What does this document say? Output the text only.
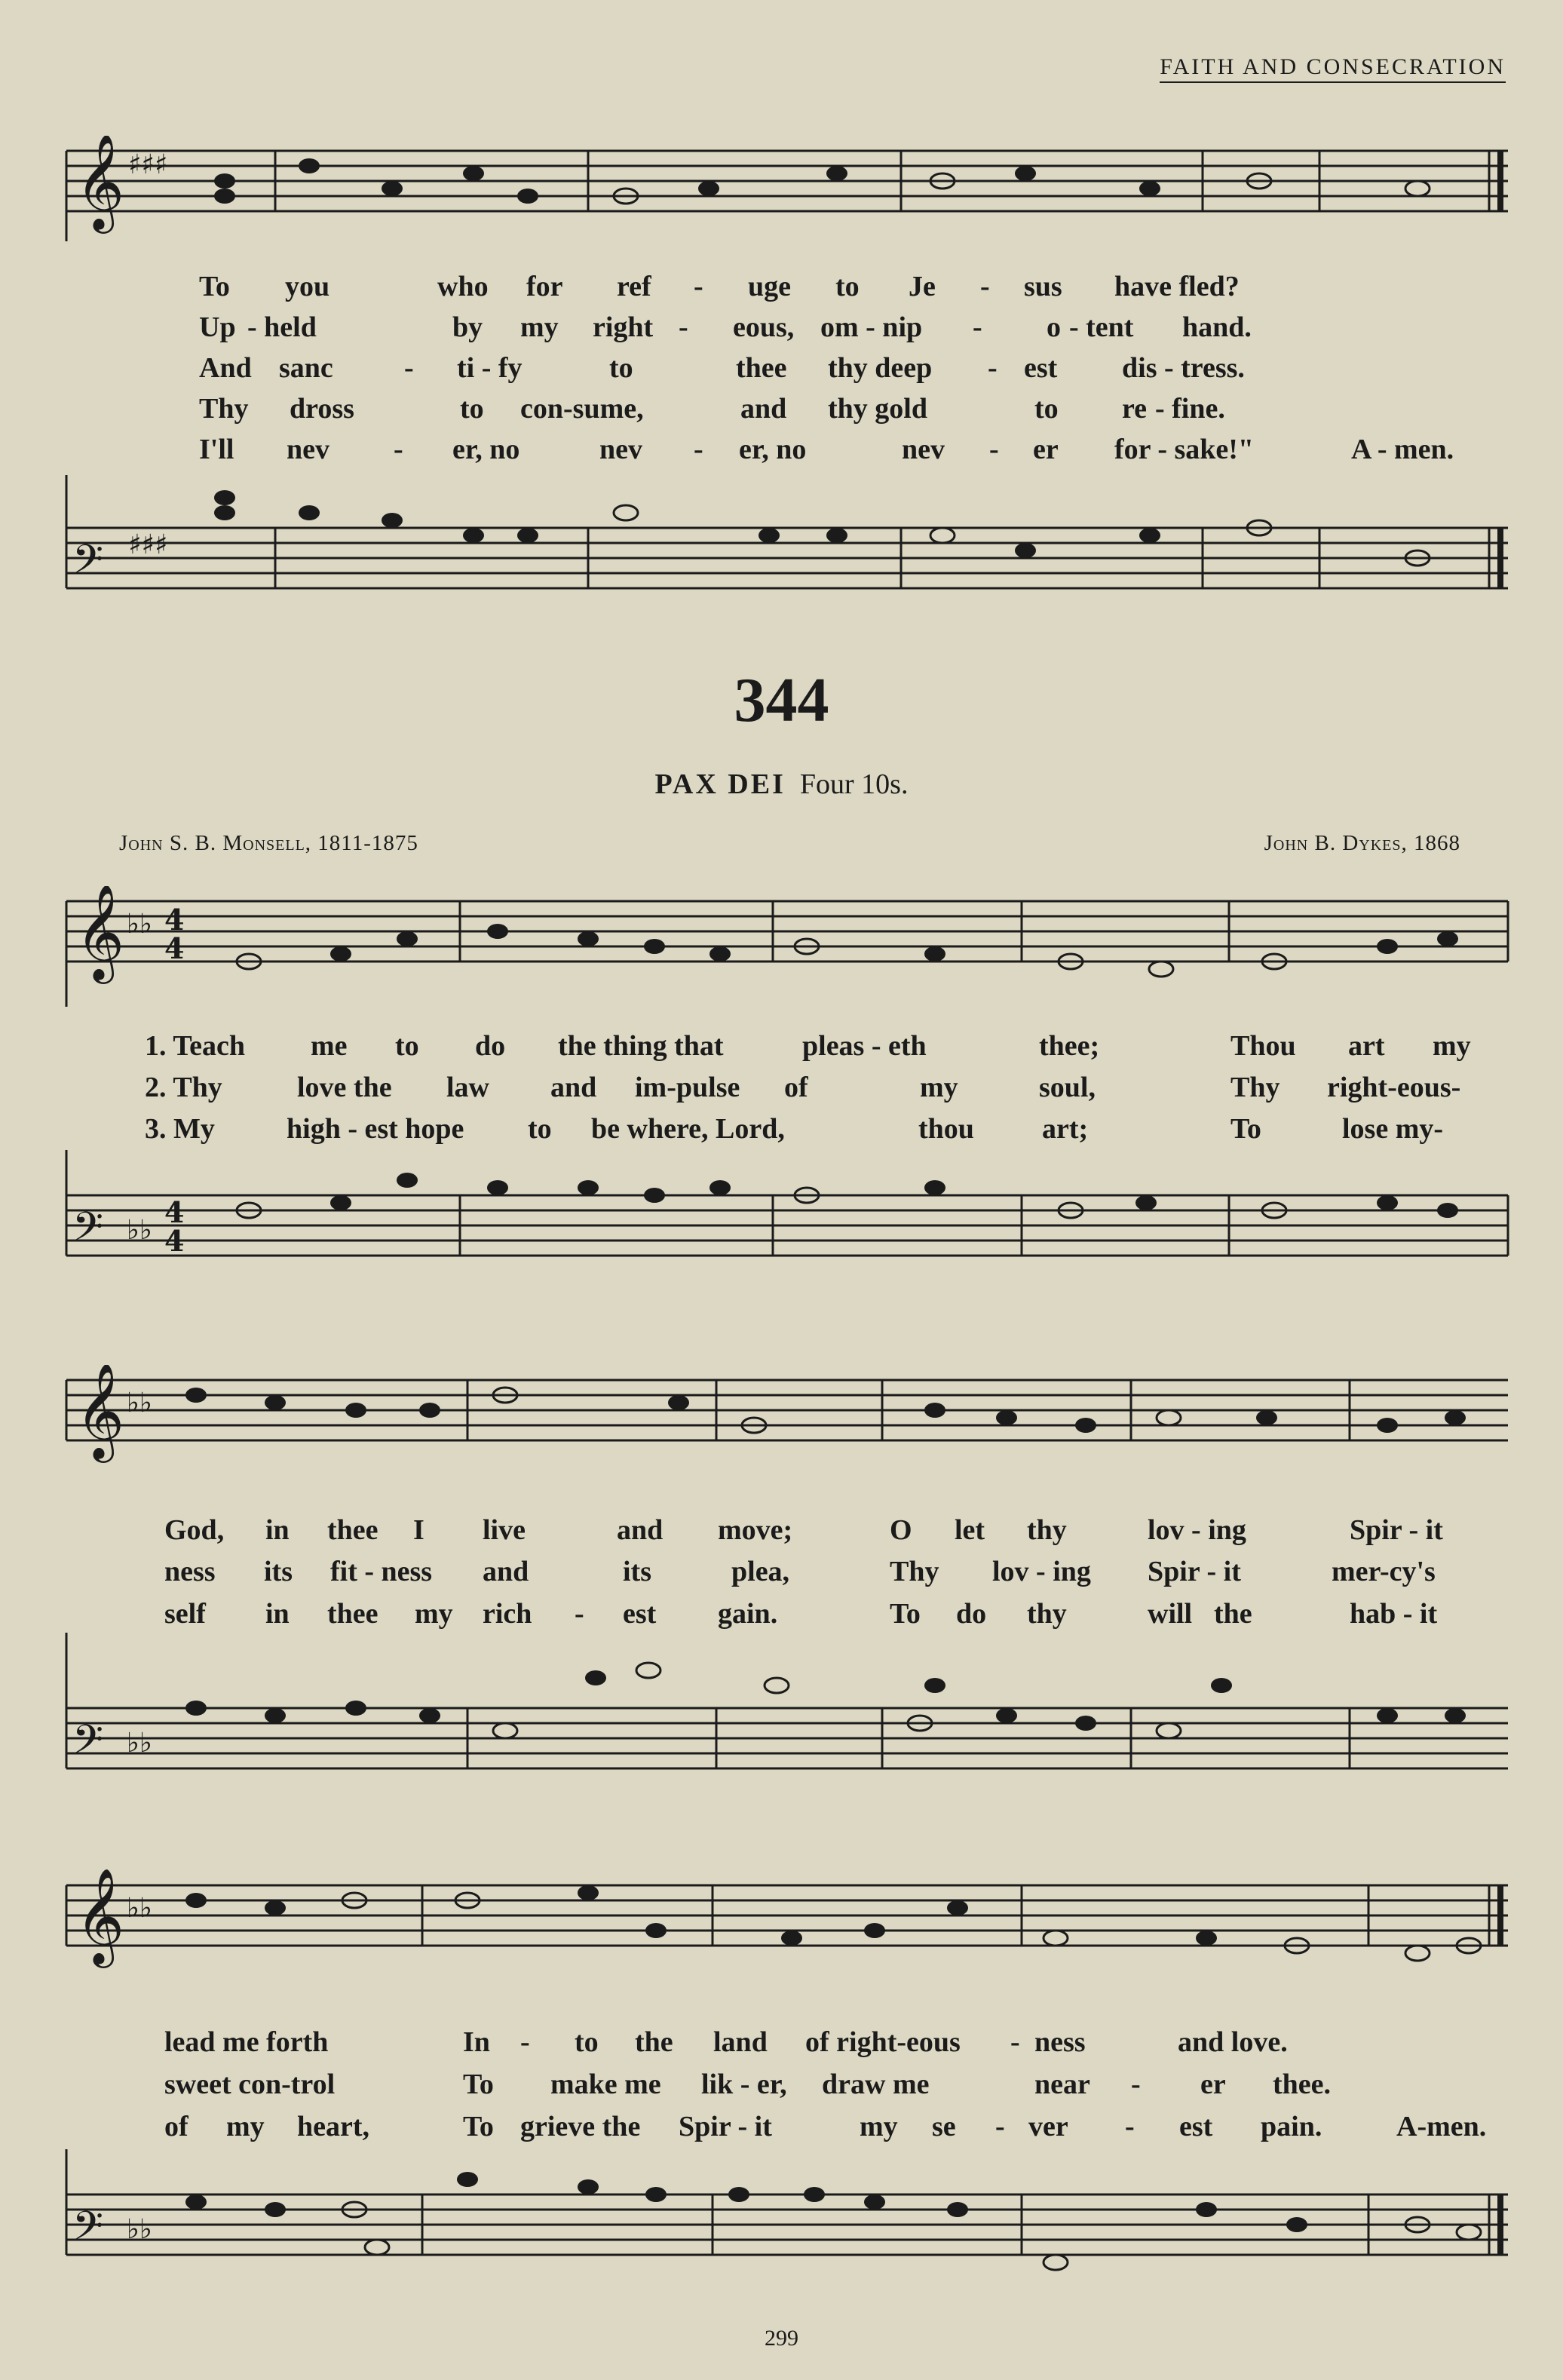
FAITH AND CONSECRATION
𝄞 ♯♯♯
To you	who for ref - uge to Je - sus have fled?
Up - held	by my right - eous, om - nip - o - tent hand.
And sanc - ti - fy	to	thee thy deep - est dis - tress.
Thy dross	to con-sume,	and thy gold	to re - fine.
I'll nev - er, no	nev - er, no	nev - er for - sake!"	A - men.
𝄢 ♯♯♯
344
PAX DEI Four 10s.
John S. B. Monsell, 1811-1875	John B. Dykes, 1868
𝄞 ♭♭ 4
4
1. Teach me to do the thing that	pleas - eth	thee;	Thou art my
2. Thy	love the law and im-pulse of	my	soul,	Thy right-eous-
3. My	high - est hope to be where, Lord,	thou art;	To	lose my-
𝄢 ♭♭
4
4
𝄞 ♭♭
God, in thee I live	and move;	O let thy	lov - ing	Spir - it
ness its fit - ness and	its	plea,	Thy lov - ing Spir - it	mer-cy's
self in thee my rich - est gain.	To do thy	will the	hab - it
𝄢 ♭♭
𝄞 ♭♭
lead me forth	In - to the land of right-eous - ness	and love.
sweet con-trol	To make me lik - er, draw me	near - er thee.
of my heart,	To grieve the Spir - it	my se - ver - est pain.	A-men.
𝄢 ♭♭
299
